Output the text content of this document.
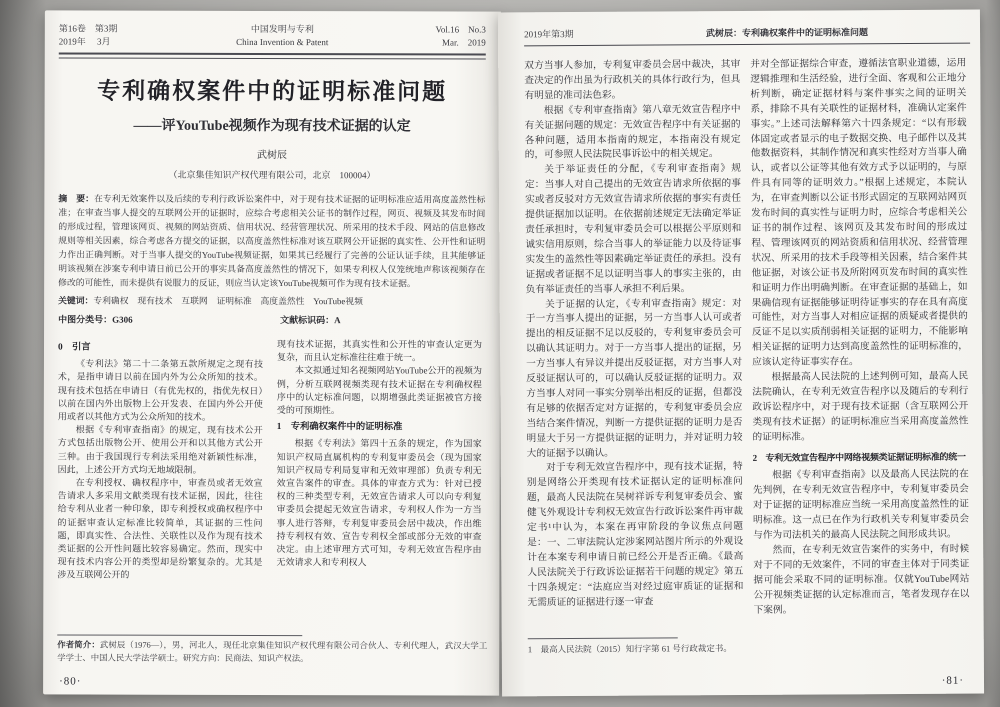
第16卷　第3期	中国发明与专利	Vol.16　No.3
2019年　 3月	China Invention & Patent	Mar.　2019
专利确权案件中的证明标准问题
——评YouTube视频作为现有技术证据的认定
武树辰
（北京集佳知识产权代理有限公司，北京　100004）
摘　要：在专利无效案件以及后续的专利行政诉讼案件中，对于现有技术证据的证明标准应适用高度盖然性标准；在审查当事人提交的互联网公开的证据时，应综合考虑相关公证书的制作过程，网页、视频及其发布时间的形成过程，管理该网页、视频的网站资质、信用状况、经营管理状况、所采用的技术手段、网站的信息修改规则等相关因素，综合考虑各方提交的证据，以高度盖然性标准对该互联网公开证据的真实性、公开性和证明力作出正确判断。对于当事人提交的YouTube视频证据，如果其已经履行了完善的公证认证手续，且其能够证明该视频在涉案专利申请日前已公开的事实具备高度盖然性的情况下，如果专利权人仅笼统地声称该视频存在修改的可能性，而未提供有说服力的反证，则应当认定该YouTube视频可作为现有技术证据。
关键词：专利确权　现有技术　互联网　证明标准　高度盖然性　YouTube视频
中图分类号：G306	文献标识码：A
0　引言

《专利法》第二十二条第五款所规定之现有技术，是指申请日以前在国内外为公众所知的技术。现有技术包括在申请日（有优先权的，指优先权日）以前在国内外出版物上公开发表、在国内外公开使用或者以其他方式为公众所知的技术。

根据《专利审查指南》的规定，现有技术公开方式包括出版物公开、使用公开和以其他方式公开三种。由于我国现行专利法采用绝对新颖性标准，因此，上述公开方式均无地域限制。

在专利授权、确权程序中，审查员或者无效宣告请求人多采用文献类现有技术证据，因此，往往给专利从业者一种印象，即专利授权或确权程序中的证据审查认定标准比较简单，其证据的三性问题，即真实性、合法性、关联性以及作为现有技术类证据的公开性问题比较容易确定。然而，现实中现有技术内容公开的类型却是纷繁复杂的。尤其是涉及互联网公开的

现有技术证据，其真实性和公开性的审查认定更为复杂，而且认定标准往往难于统一。

本文拟通过知名视频网站YouTube公开的视频为例，分析互联网视频类现有技术证据在专利确权程序中的认定标准问题，以期增强此类证据被官方接受的可预期性。

1　专利确权案件中的证明标准

根据《专利法》第四十五条的规定，作为国家知识产权局直属机构的专利复审委员会（现为国家知识产权局专利局复审和无效审理部）负责专利无效宣告案件的审查。具体的审查方式为：针对已授权的三种类型专利，无效宣告请求人可以向专利复审委员会提起无效宣告请求，专利权人作为一方当事人进行答辩，专利复审委员会居中裁决，作出维持专利权有效、宣告专利权全部或部分无效的审查决定。由上述审理方式可知，专利无效宣告程序由无效请求人和专利权人

作者简介：武树辰（1976—），男，河北人，现任北京集佳知识产权代理有限公司合伙人、专利代理人，武汉大学工学学士、中国人民大学法学硕士。研究方向：民商法、知识产权法。
·80·
2019年第3期	武树辰：专利确权案件中的证明标准问题

双方当事人参加，专利复审委员会居中裁决，其审查决定的作出虽为行政机关的具体行政行为，但具有明显的准司法色彩。

根据《专利审查指南》第八章无效宣告程序中有关证据问题的规定：无效宣告程序中有关证据的各种问题，适用本指南的规定，本指南没有规定的，可参照人民法院民事诉讼中的相关规定。

关于举证责任的分配，《专利审查指南》规定：当事人对自己提出的无效宣告请求所依据的事实或者反驳对方无效宣告请求所依据的事实有责任提供证据加以证明。在依据前述规定无法确定举证责任承担时，专利复审委员会可以根据公平原则和诚实信用原则，综合当事人的举证能力以及待证事实发生的盖然性等因素确定举证责任的承担。没有证据或者证据不足以证明当事人的事实主张的，由负有举证责任的当事人承担不利后果。

关于证据的认定，《专利审查指南》规定：对于一方当事人提出的证据，另一方当事人认可或者提出的相反证据不足以反驳的，专利复审委员会可以确认其证明力。对于一方当事人提出的证据，另一方当事人有异议并提出反驳证据，对方当事人对反驳证据认可的，可以确认反驳证据的证明力。双方当事人对同一事实分别举出相反的证据，但都没有足够的依据否定对方证据的，专利复审委员会应当结合案件情况，判断一方提供证据的证明力是否明显大于另一方提供证据的证明力，并对证明力较大的证据予以确认。

对于专利无效宣告程序中，现有技术证据，特别是网络公开类现有技术证据认定的证明标准问题，最高人民法院在吴树祥诉专利复审委员会、蜜健飞外观设计专利权无效宣告行政诉讼案件再审裁定书¹中认为，本案在再审阶段的争议焦点问题是：一、二审法院认定涉案网站图片所示的外观设计在本案专利申请日前已经公开是否正确。《最高人民法院关于行政诉讼证据若干问题的规定》第五十四条规定：“法庭应当对经过庭审质证的证据和无需质证的证据进行逐一审查

1　最高人民法院（2015）知行字第 61 号行政裁定书。

并对全部证据综合审查，遵循法官职业道德，运用逻辑推理和生活经验，进行全面、客观和公正地分析判断，确定证据材料与案件事实之间的证明关系，排除不具有关联性的证据材料，准确认定案件事实。”上述司法解释第六十四条规定：“以有形载体固定或者显示的电子数据交换、电子邮件以及其他数据资料，其制作情况和真实性经对方当事人确认，或者以公证等其他有效方式予以证明的，与原件具有同等的证明效力。”根据上述规定，本院认为，在审查判断以公证书形式固定的互联网站网页发布时间的真实性与证明力时，应综合考虑相关公证书的制作过程、该网页及其发布时间的形成过程、管理该网页的网站资质和信用状况、经营管理状况、所采用的技术手段等相关因素，结合案件其他证据，对该公证书及所附网页发布时间的真实性和证明力作出明确判断。在审查证据的基础上，如果确信现有证据能够证明待证事实的存在具有高度可能性，对方当事人对相应证据的质疑或者提供的反证不足以实质削弱相关证据的证明力，不能影响相关证据的证明力达到高度盖然性的证明标准的，应该认定待证事实存在。

根据最高人民法院的上述判例可知，最高人民法院确认，在专利无效宣告程序以及随后的专利行政诉讼程序中，对于现有技术证据（含互联网公开类现有技术证据）的证明标准应当采用高度盖然性的证明标准。

2　专利无效宣告程序中网络视频类证据证明标准的统一

根据《专利审查指南》以及最高人民法院的在先判例，在专利无效宣告程序中，专利复审委员会对于证据的证明标准应当统一采用高度盖然性的证明标准。这一点已在作为行政机关专利复审委员会与作为司法机关的最高人民法院之间形成共识。

然而，在专利无效宣告案件的实务中，有时候对于不同的无效案件，不同的审查主体对于同类证据可能会采取不同的证明标准。仅就YouTube网站公开视频类证据的认定标准而言，笔者发现存在以下案例。

·81·
